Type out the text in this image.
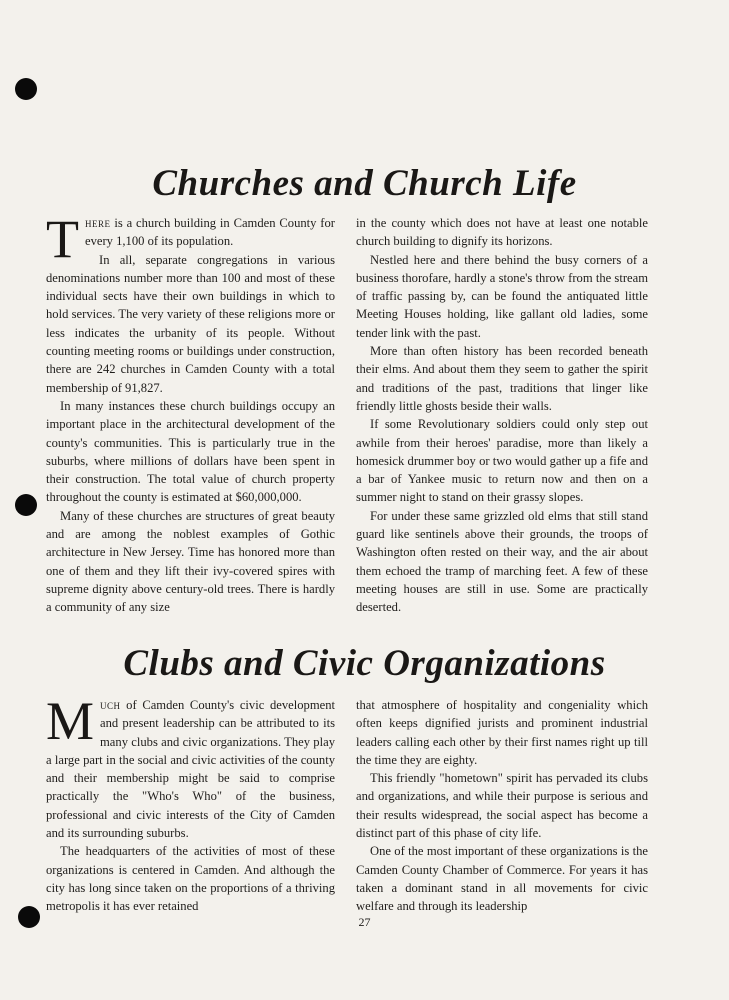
Churches and Church Life

There is a church building in Camden County for every 1,100 of its population.

In all, separate congregations in various denominations number more than 100 and most of these individual sects have their own buildings in which to hold services. The very variety of these religions more or less indicates the urbanity of its people. Without counting meeting rooms or buildings under construction, there are 242 churches in Camden County with a total membership of 91,827.

In many instances these church buildings occupy an important place in the architectural development of the county's communities. This is particularly true in the suburbs, where millions of dollars have been spent in their construction. The total value of church property throughout the county is estimated at $60,000,000.

Many of these churches are structures of great beauty and are among the noblest examples of Gothic architecture in New Jersey. Time has honored more than one of them and they lift their ivy-covered spires with supreme dignity above century-old trees. There is hardly a community of any size

in the county which does not have at least one notable church building to dignify its horizons.

Nestled here and there behind the busy corners of a business thorofare, hardly a stone's throw from the stream of traffic passing by, can be found the antiquated little Meeting Houses holding, like gallant old ladies, some tender link with the past.

More than often history has been recorded beneath their elms. And about them they seem to gather the spirit and traditions of the past, traditions that linger like friendly little ghosts beside their walls.

If some Revolutionary soldiers could only step out awhile from their heroes' paradise, more than likely a homesick drummer boy or two would gather up a fife and a bar of Yankee music to return now and then on a summer night to stand on their grassy slopes.

For under these same grizzled old elms that still stand guard like sentinels above their grounds, the troops of Washington often rested on their way, and the air about them echoed the tramp of marching feet. A few of these meeting houses are still in use. Some are practically deserted.

Clubs and Civic Organizations

Much of Camden County's civic development and present leadership can be attributed to its many clubs and civic organizations. They play a large part in the social and civic activities of the county and their membership might be said to comprise practically the "Who's Who" of the business, professional and civic interests of the City of Camden and its surrounding suburbs.

The headquarters of the activities of most of these organizations is centered in Camden. And although the city has long since taken on the proportions of a thriving metropolis it has ever retained

that atmosphere of hospitality and congeniality which often keeps dignified jurists and prominent industrial leaders calling each other by their first names right up till the time they are eighty.

This friendly "hometown" spirit has pervaded its clubs and organizations, and while their purpose is serious and their results widespread, the social aspect has become a distinct part of this phase of city life.

One of the most important of these organizations is the Camden County Chamber of Commerce. For years it has taken a dominant stand in all movements for civic welfare and through its leadership

27
